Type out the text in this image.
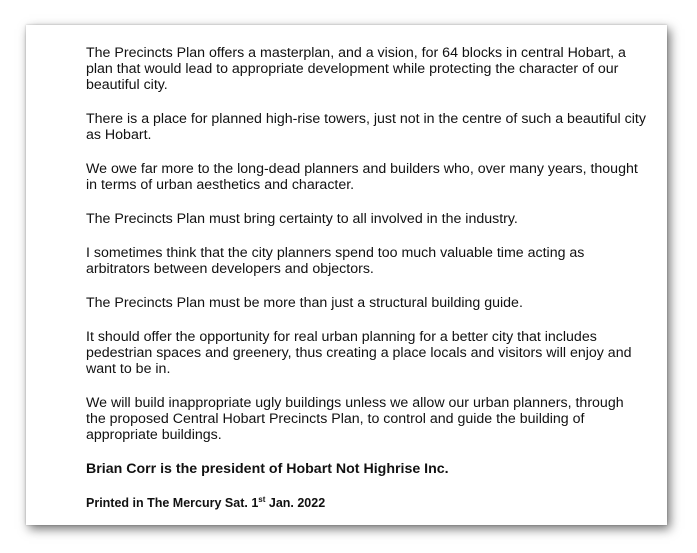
The Precincts Plan offers a masterplan, and a vision, for 64 blocks in central Hobart, a plan that would lead to appropriate development while protecting the character of our beautiful city.

There is a place for planned high-rise towers, just not in the centre of such a beautiful city as Hobart.

We owe far more to the long-dead planners and builders who, over many years, thought in terms of urban aesthetics and character.

The Precincts Plan must bring certainty to all involved in the industry.

I sometimes think that the city planners spend too much valuable time acting as arbitrators between developers and objectors.

The Precincts Plan must be more than just a structural building guide.

It should offer the opportunity for real urban planning for a better city that includes pedestrian spaces and greenery, thus creating a place locals and visitors will enjoy and want to be in.

We will build inappropriate ugly buildings unless we allow our urban planners, through the proposed Central Hobart Precincts Plan, to control and guide the building of appropriate buildings.

Brian Corr is the president of Hobart Not Highrise Inc.

Printed in The Mercury Sat. 1st Jan. 2022
